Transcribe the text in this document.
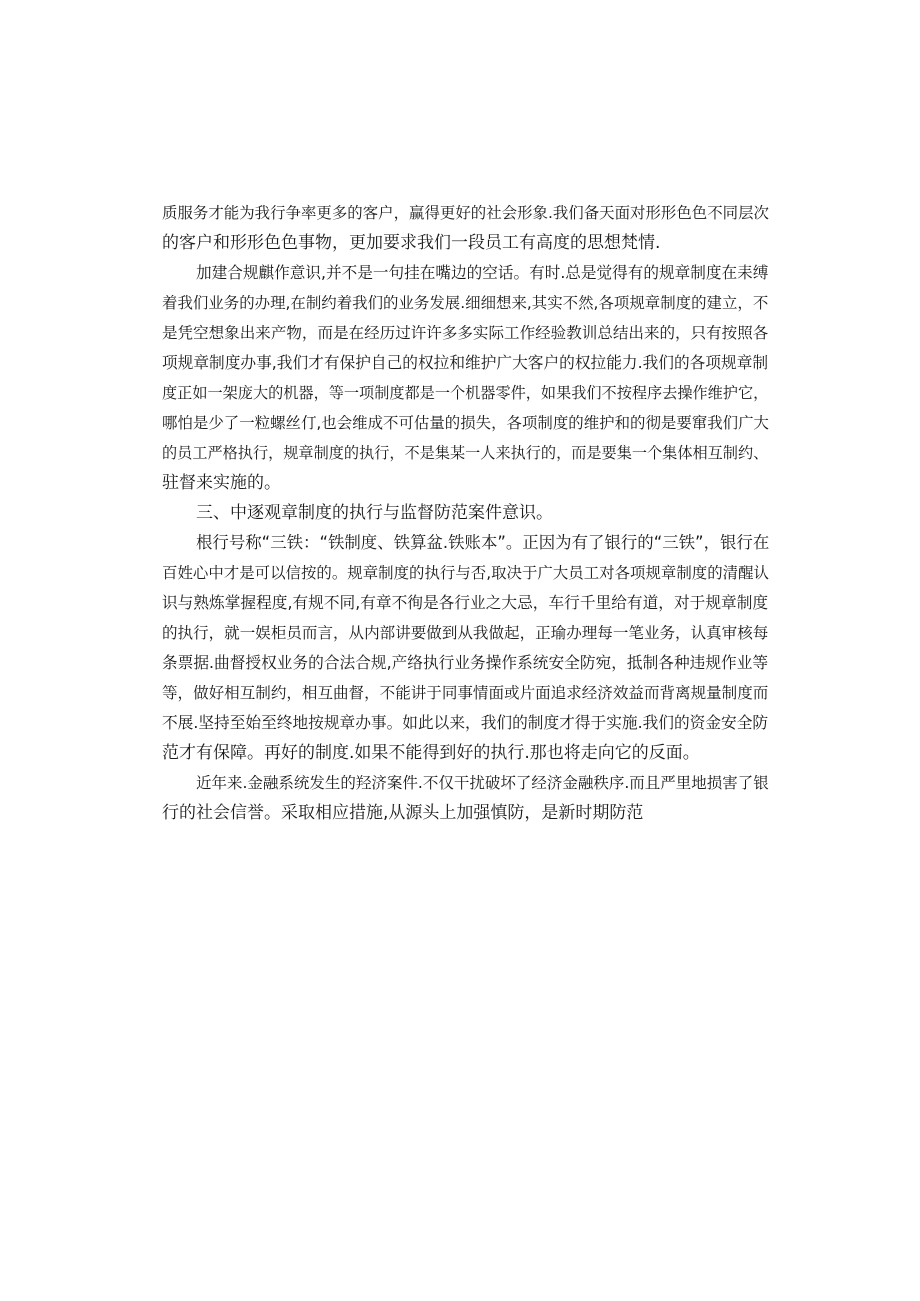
质服务才能为我行争率更多的客户，赢得更好的社会形象.我们备天面对形形色色不同层次
的客户和形形色色事物，更加要求我们一段员工有高度的思想梵情.
加建合规麒作意识,并不是一句挂在嘴边的空话。有时.总是觉得有的规章制度在耒缚
着我们业务的办理,在制约着我们的业务发展.细细想来,其实不然,各项规章制度的建立，不
是凭空想象出来产物，而是在经历过许许多多实际工作经验教训总结出来的，只有按照各
项规章制度办事,我们才有保护自己的权拉和维护广大客户的权拉能力.我们的各项规章制
度正如一架庞大的机器，等一项制度都是一个机器零件，如果我们不按程序去操作维护它，
哪怕是少了一粒螺丝仃,也会维成不可估量的损失，各项制度的维护和的彻是要窜我们广大
的员工严格执行，规章制度的执行，不是集某一人来执行的，而是要集一个集体相互制约、
驻督来实施的。
三、中逐观章制度的执行与监督防范案件意识。
根行号称“三铁：“铁制度、铁算盆.铁账本”。正因为有了银行的“三铁”，银行在
百姓心中才是可以信按的。规章制度的执行与否,取决于广大员工对各项规章制度的清醒认
识与熟炼掌握程度,有规不同,有章不徇是各行业之大忌，车行千里给有道，对于规章制度
的执行，就一娱柜员而言，从内部讲要做到从我做起，正瑜办理每一笔业务，认真审核每
条票据.曲督授权业务的合法合规,产络执行业务操作系统安全防宛，抵制各种违规作业等
等，做好相互制约，相互曲督，不能讲于同事情面或片面追求经济效益而背离规量制度而
不展.坚持至始至终地按规章办事。如此以来，我们的制度才得于实施.我们的资金安全防
范才有保障。再好的制度.如果不能得到好的执行.那也将走向它的反面。
近年来.金融系统发生的羟济案件.不仅干扰破坏了经济金融秩序.而且严里地损害了银
行的社会信誉。采取相应措施,从源头上加强慎防，是新时期防范
